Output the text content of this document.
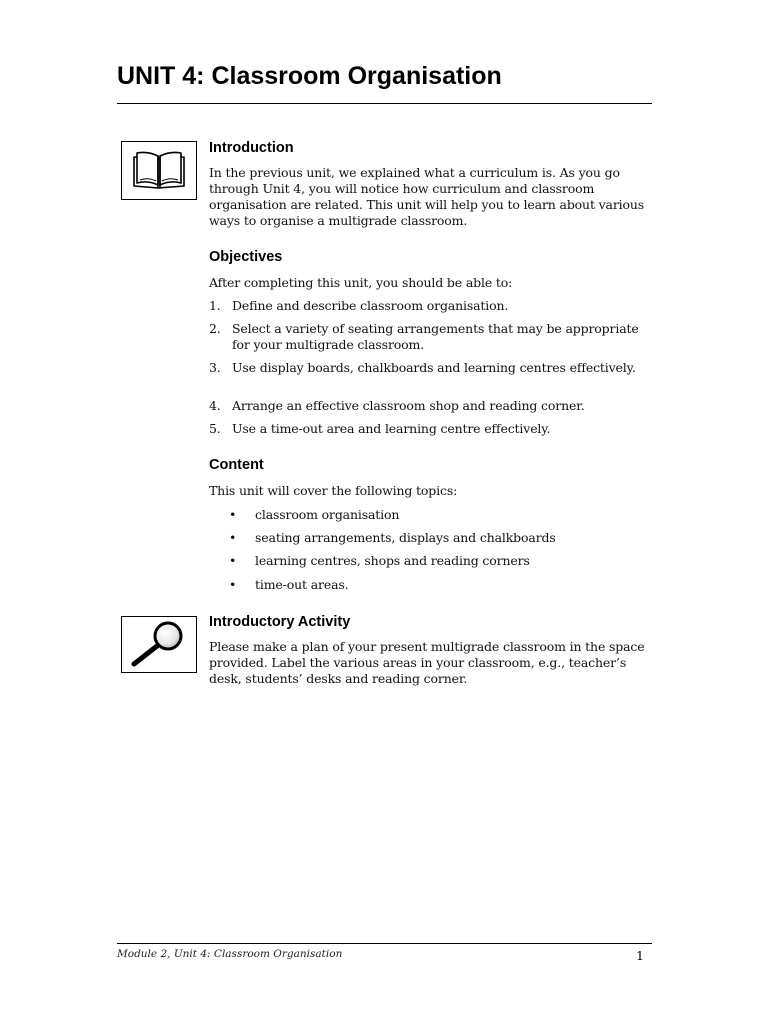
UNIT 4: Classroom Organisation
Introduction

In the previous unit, we explained what a curriculum is. As you go through Unit 4, you will notice how curriculum and classroom organisation are related. This unit will help you to learn about various ways to organise a multigrade classroom.

Objectives

After completing this unit, you should be able to:

1. Define and describe classroom organisation.
2. Select a variety of seating arrangements that may be appropriate for your multigrade classroom.
3. Use display boards, chalkboards and learning centres effectively.
4. Arrange an effective classroom shop and reading corner.
5. Use a time-out area and learning centre effectively.
Content

This unit will cover the following topics:

• classroom organisation
• seating arrangements, displays and chalkboards
• learning centres, shops and reading corners
• time-out areas.
Introductory Activity

Please make a plan of your present multigrade classroom in the space provided. Label the various areas in your classroom, e.g., teacher’s desk, students’ desks and reading corner.

Module 2, Unit 4: Classroom Organisation	1
